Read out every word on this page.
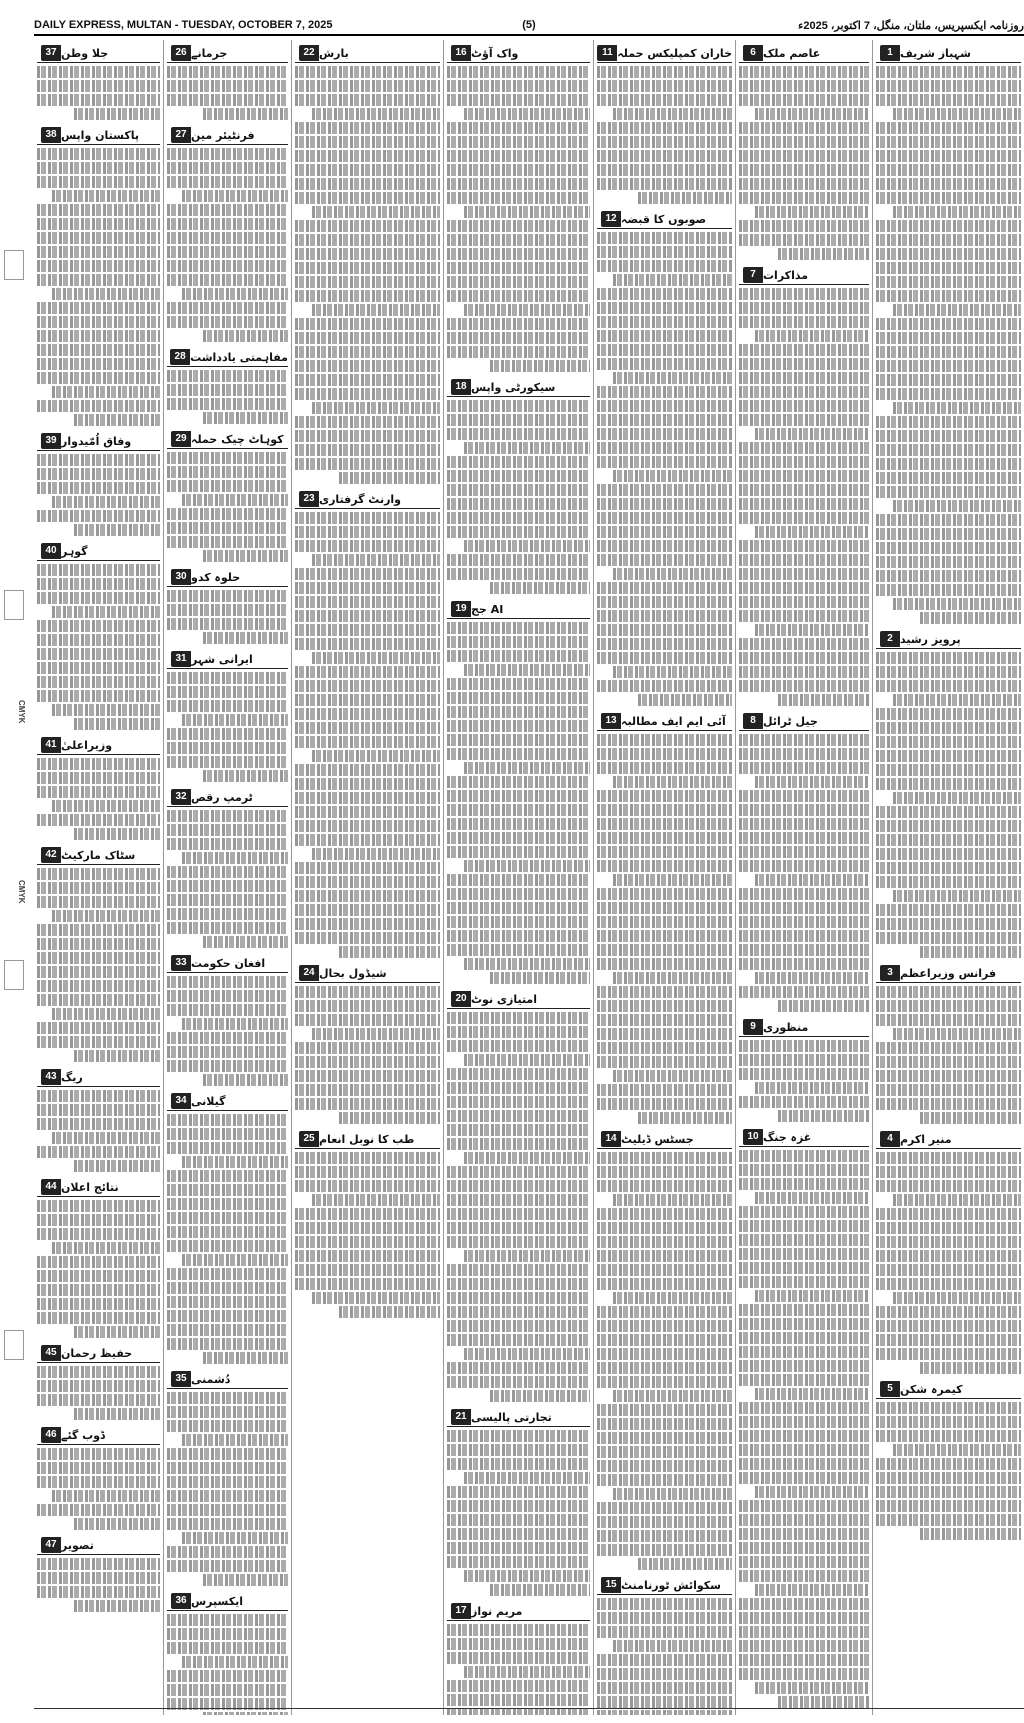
DAILY EXPRESS, MULTAN - TUESDAY, OCTOBER 7, 2025	(5)	روزنامہ ایکسپریس، ملتان، منگل، 7 اکتوبر، 2025ء
شہباز شریف
1
پرویز رشید
2
فرانس وزیراعظم
3
منیر اکرم
4
کیمرہ شکن
5
عاصم ملک
6
مذاکرات
7
جیل ٹرائل
8
منظوری
9
غزہ جنگ
10
خاران کمپلیکس حملہ
11
صوبوں کا قبضہ
12
آئی ایم ایف مطالبہ
13
جسٹس ڈیلیٹ
14
سکوائش ٹورنامنٹ
15
واک آؤٹ
16
سیکورٹی واپس
18
AI جج
19
امتیازی نوٹ
20
تجارتی پالیسی
21
مریم نواز
17
بارش
22
وارنٹ گرفتاری
23
شیڈول بحال
24
طب کا نوبل انعام
25
جرمانے
26
فرنٹیئر مین
27
مفاہمتی یادداشت
28
کوہاٹ چیک حملہ
29
حلوہ کدو
30
ایرانی شہر
31
ٹرمپ رقص
32
افغان حکومت
33
گیلانی
34
دُشمنی
35
ایکسپرس
36
جلا وطن
37
پاکستان واپس
38
وفاق اُمّیدوار
39
گوہر
40
وزیراعلیٰ
41
سٹاک مارکیٹ
42
ریگ
43
نتائج اعلان
44
حفیظ رحمان
45
ڈوب گئے
46
تصویر
47
CMYK
CMYK
